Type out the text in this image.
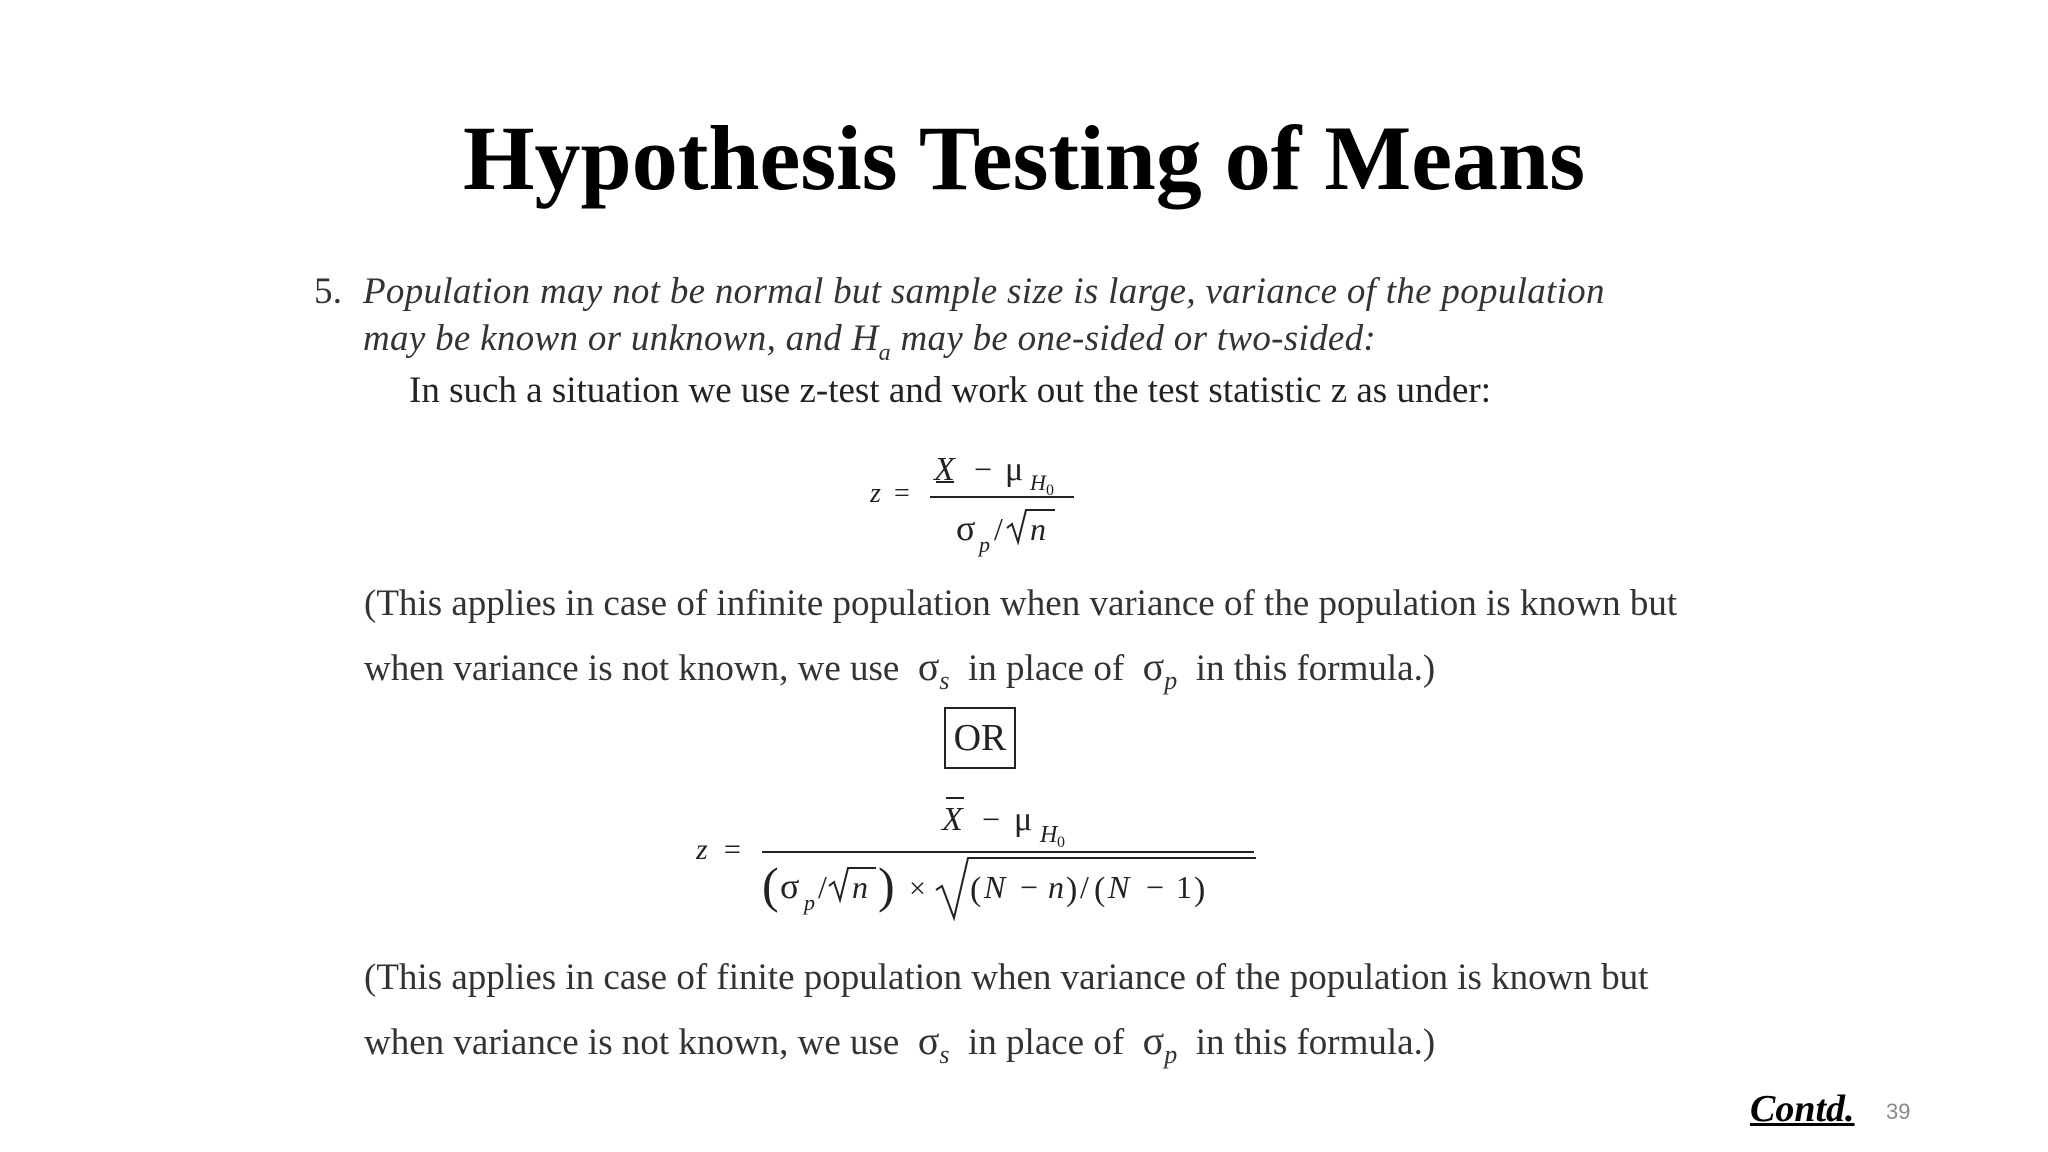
Hypothesis Testing of Means
5. Population may not be normal but sample size is large, variance of the population
may be known or unknown, and $H_a$ may be one-sided or two-sided:
In such a situation we use z-test and work out the test statistic z as under:
z =
X − μ H 0
σ p / n
(This applies in case of infinite population when variance of the population is known but
when variance is not known, we use $\sigma_s$ in place of $\sigma_p$ in this formula.)
OR
z =
X − μ H 0
( σ p / n ) × ( N − n ) / ( N − 1 )
(This applies in case of finite population when variance of the population is known but
when variance is not known, we use $\sigma_s$ in place of $\sigma_p$ in this formula.)
Contd. 39
